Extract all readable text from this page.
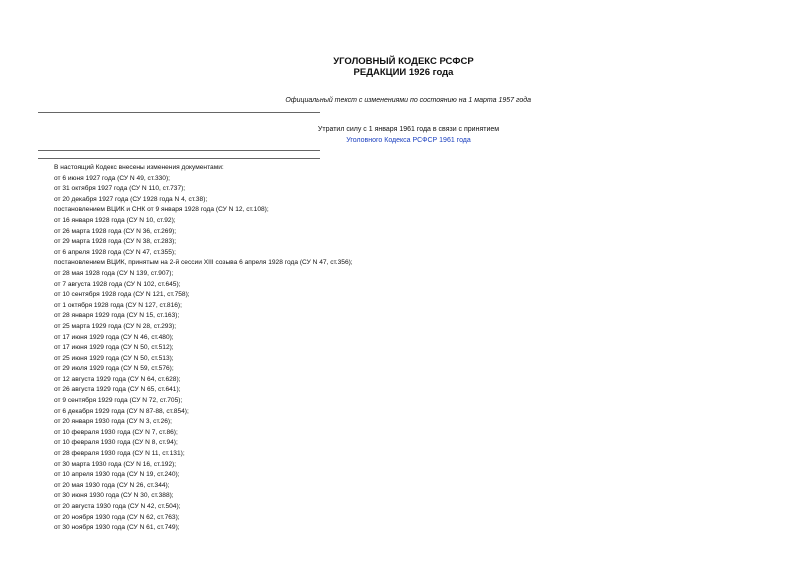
УГОЛОВНЫЙ КОДЕКС РСФСР
РЕДАКЦИИ 1926 года
Официальный текст с изменениями по состоянию на 1 марта 1957 года
Утратил силу с 1 января 1961 года в связи с принятием
Уголовного Кодекса РСФСР 1961 года
В настоящий Кодекс внесены изменения документами:
от 6 июня 1927 года (СУ N 49, ст.330);
от 31 октября 1927 года (СУ N 110, ст.737);
от 20 декабря 1927 года (СУ 1928 года N 4, ст.38);
постановлением ВЦИК и СНК от 9 января 1928 года (СУ N 12, ст.108);
от 16 января 1928 года (СУ N 10, ст.92);
от 26 марта 1928 года (СУ N 36, ст.269);
от 29 марта 1928 года (СУ N 38, ст.283);
от 6 апреля 1928 года (СУ N 47, ст.355);
постановлением ВЦИК, принятым на 2-й сессии XIII созыва 6 апреля 1928 года (СУ N 47, ст.356);
от 28 мая 1928 года (СУ N 139, ст.907);
от 7 августа 1928 года (СУ N 102, ст.645);
от 10 сентября 1928 года (СУ N 121, ст.758);
от 1 октября 1928 года (СУ N 127, ст.816);
от 28 января 1929 года (СУ N 15, ст.163);
от 25 марта 1929 года (СУ N 28, ст.293);
от 17 июня 1929 года (СУ N 46, ст.480);
от 17 июня 1929 года (СУ N 50, ст.512);
от 25 июня 1929 года (СУ N 50, ст.513);
от 29 июля 1929 года (СУ N 59, ст.576);
от 12 августа 1929 года (СУ N 64, ст.628);
от 26 августа 1929 года (СУ N 65, ст.641);
от 9 сентября 1929 года (СУ N 72, ст.705);
от 6 декабря 1929 года (СУ N 87-88, ст.854);
от 20 января 1930 года (СУ N 3, ст.26);
от 10 февраля 1930 года (СУ N 7, ст.86);
от 10 февраля 1930 года (СУ N 8, ст.94);
от 28 февраля 1930 года (СУ N 11, ст.131);
от 30 марта 1930 года (СУ N 16, ст.192);
от 10 апреля 1930 года (СУ N 19, ст.240);
от 20 мая 1930 года (СУ N 26, ст.344);
от 30 июня 1930 года (СУ N 30, ст.388);
от 20 августа 1930 года (СУ N 42, ст.504);
от 20 ноября 1930 года (СУ N 62, ст.763);
от 30 ноября 1930 года (СУ N 61, ст.749);
